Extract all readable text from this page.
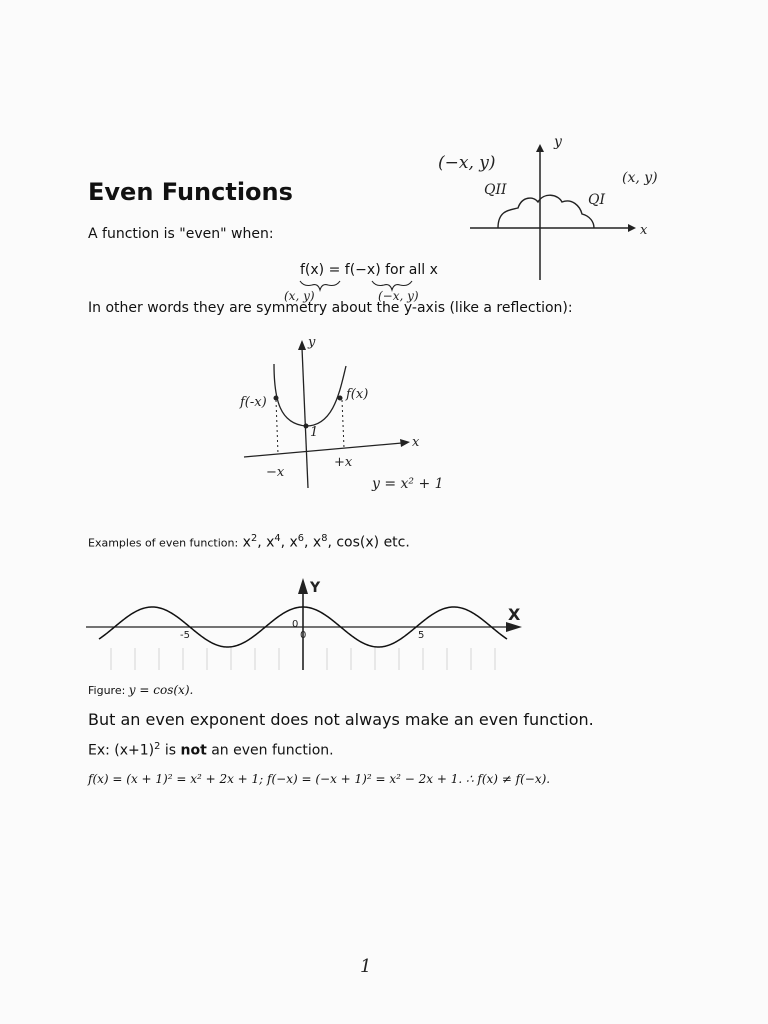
(−x, y)
(x, y)
QII
QI
x
y
Even Functions
A function is "even" when:
f(x) = f(−x) for all x
(x, y)	(−x, y)
In other words they are symmetry about the y-axis (like a reflection):
f(-x)
f(x)
1
y
x
−x
+x
y = x² + 1
Examples of even function: $x^2$, $x^4$, $x^6$, $x^8$, cos(x) etc.
X
Y
0
-5	0	5
Figure: y = cos(x).
But an even exponent does not always make an even function.
Ex: $(x+1)^2$ is not an even function.
f(x) = (x + 1)² = x² + 2x + 1; f(−x) = (−x + 1)² = x² − 2x + 1. ∴ f(x) ≠ f(−x).
1
